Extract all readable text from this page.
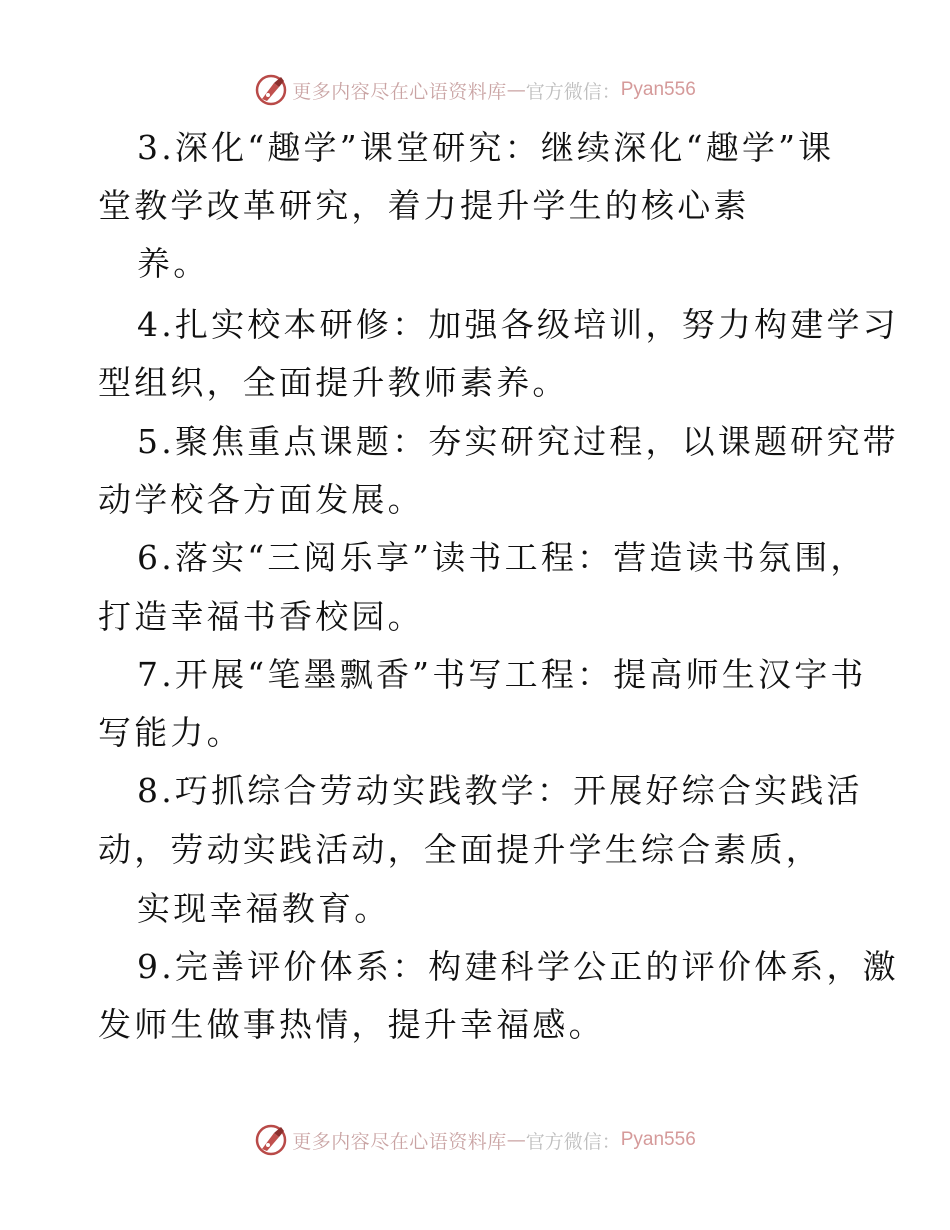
更多内容尽在心语资料库 — 官方微信： Pyan556
3.深化“趣学”课堂研究：继续深化“趣学”课
堂教学改革研究，着力提升学生的核心素
养。
4.扎实校本研修：加强各级培训，努力构建学习
型组织，全面提升教师素养。
5.聚焦重点课题：夯实研究过程，以课题研究带
动学校各方面发展。
6.落实“三阅乐享”读书工程：营造读书氛围，
打造幸福书香校园。
7.开展“笔墨飘香”书写工程：提高师生汉字书
写能力。
8.巧抓综合劳动实践教学：开展好综合实践活
动，劳动实践活动，全面提升学生综合素质，
实现幸福教育。
9.完善评价体系：构建科学公正的评价体系，激
发师生做事热情，提升幸福感。
更多内容尽在心语资料库 — 官方微信： Pyan556
